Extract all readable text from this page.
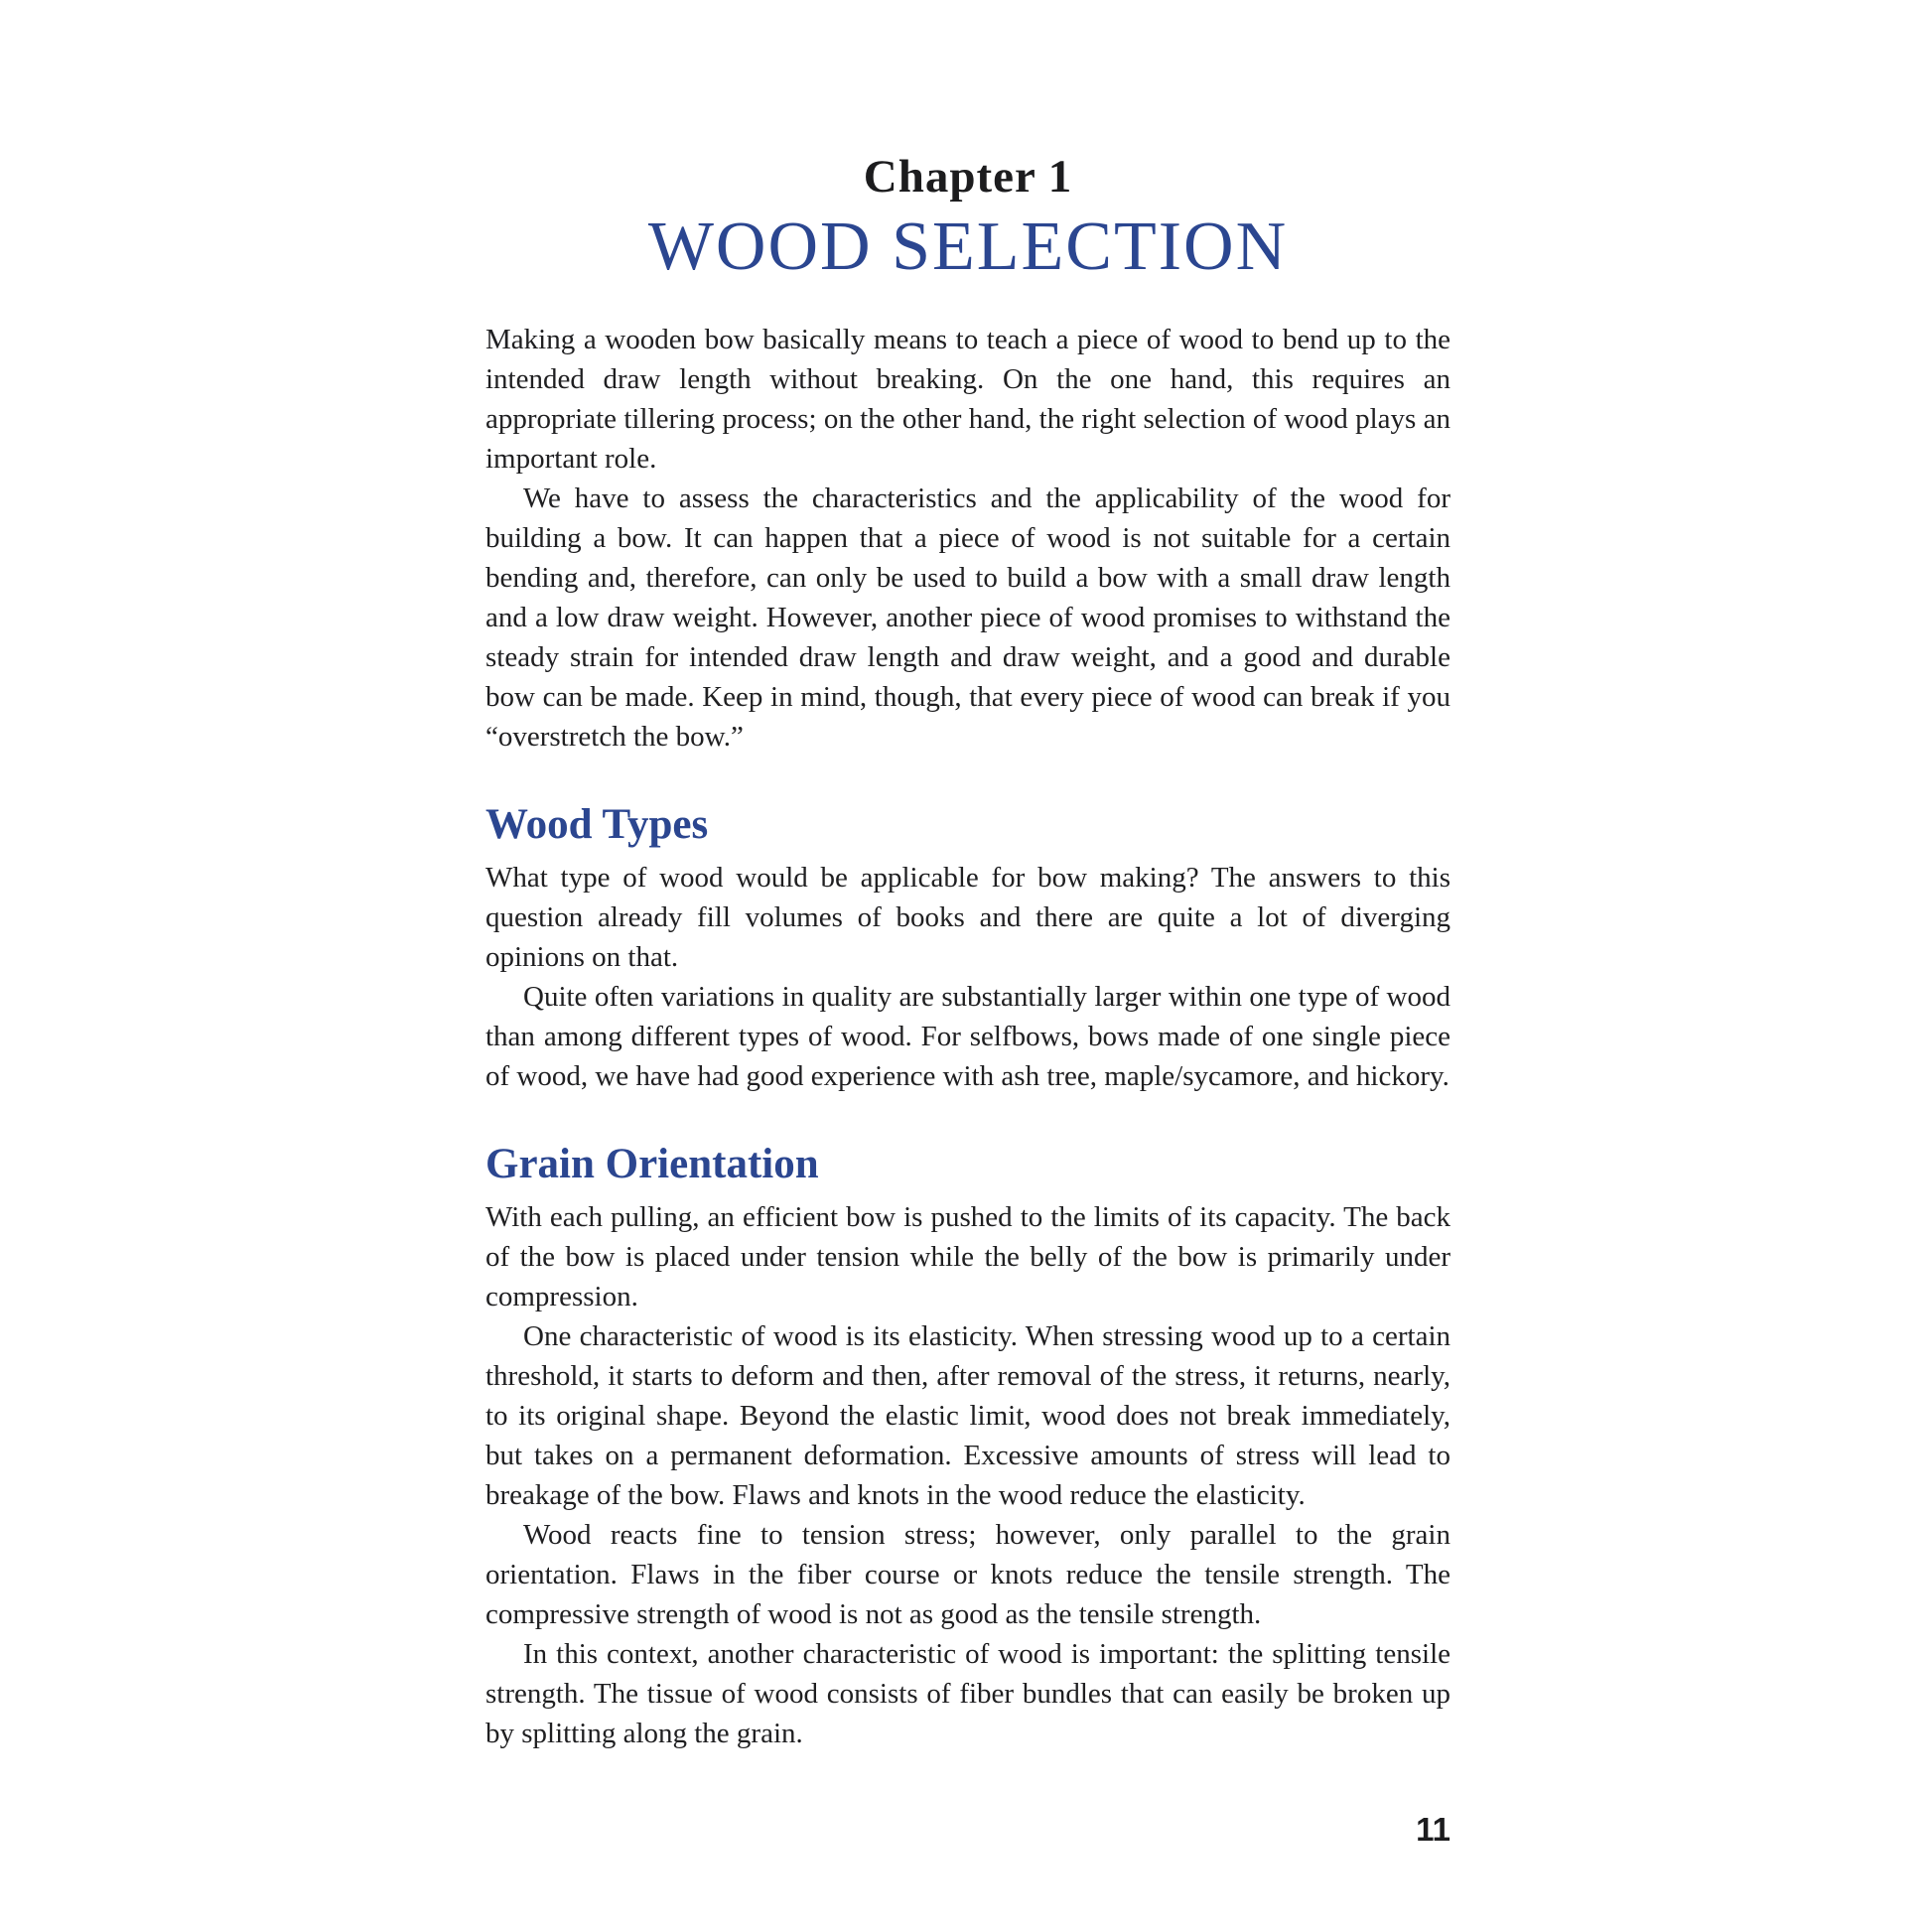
Chapter 1
WOOD SELECTION

Making a wooden bow basically means to teach a piece of wood to bend up to the intended draw length without breaking. On the one hand, this requires an appropriate tillering process; on the other hand, the right selection of wood plays an important role.

We have to assess the characteristics and the applicability of the wood for building a bow. It can happen that a piece of wood is not suitable for a certain bending and, therefore, can only be used to build a bow with a small draw length and a low draw weight. However, another piece of wood promises to withstand the steady strain for intended draw length and draw weight, and a good and durable bow can be made. Keep in mind, though, that every piece of wood can break if you “overstretch the bow.”

Wood Types

What type of wood would be applicable for bow making? The answers to this question already fill volumes of books and there are quite a lot of diverging opinions on that.

Quite often variations in quality are substantially larger within one type of wood than among different types of wood. For selfbows, bows made of one single piece of wood, we have had good experience with ash tree, maple/sycamore, and hickory.

Grain Orientation

With each pulling, an efficient bow is pushed to the limits of its capacity. The back of the bow is placed under tension while the belly of the bow is primarily under compression.

One characteristic of wood is its elasticity. When stressing wood up to a certain threshold, it starts to deform and then, after removal of the stress, it returns, nearly, to its original shape. Beyond the elastic limit, wood does not break immediately, but takes on a permanent deformation. Excessive amounts of stress will lead to breakage of the bow. Flaws and knots in the wood reduce the elasticity.

Wood reacts fine to tension stress; however, only parallel to the grain orientation. Flaws in the fiber course or knots reduce the tensile strength. The compressive strength of wood is not as good as the tensile strength.

In this context, another characteristic of wood is important: the splitting tensile strength. The tissue of wood consists of fiber bundles that can easily be broken up by splitting along the grain.

11
